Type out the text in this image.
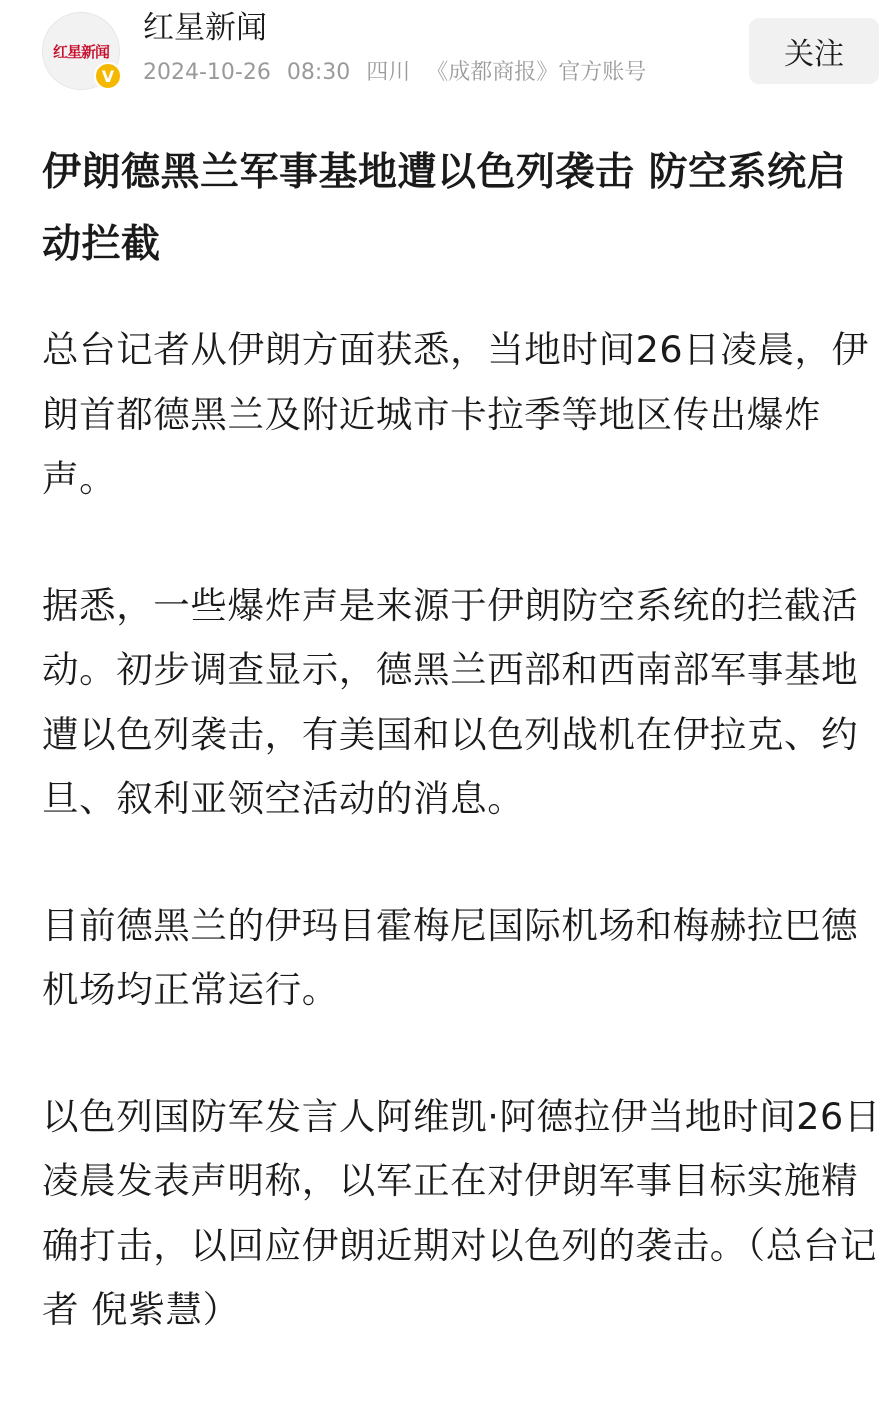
红星新闻
V
红星新闻
2024-10-26 08:30 四川 《成都商报》官方账号
关注
伊朗德黑兰军事基地遭以色列袭击 防空系统启动拦截

总台记者从伊朗方面获悉，当地时间26日凌晨，伊朗首都德黑兰及附近城市卡拉季等地区传出爆炸声。

据悉，一些爆炸声是来源于伊朗防空系统的拦截活动。初步调查显示，德黑兰西部和西南部军事基地遭以色列袭击，有美国和以色列战机在伊拉克、约旦、叙利亚领空活动的消息。

目前德黑兰的伊玛目霍梅尼国际机场和梅赫拉巴德机场均正常运行。

以色列国防军发言人阿维凯·阿德拉伊当地时间26日凌晨发表声明称，以军正在对伊朗军事目标实施精确打击，以回应伊朗近期对以色列的袭击。（总台记者 倪紫慧）
